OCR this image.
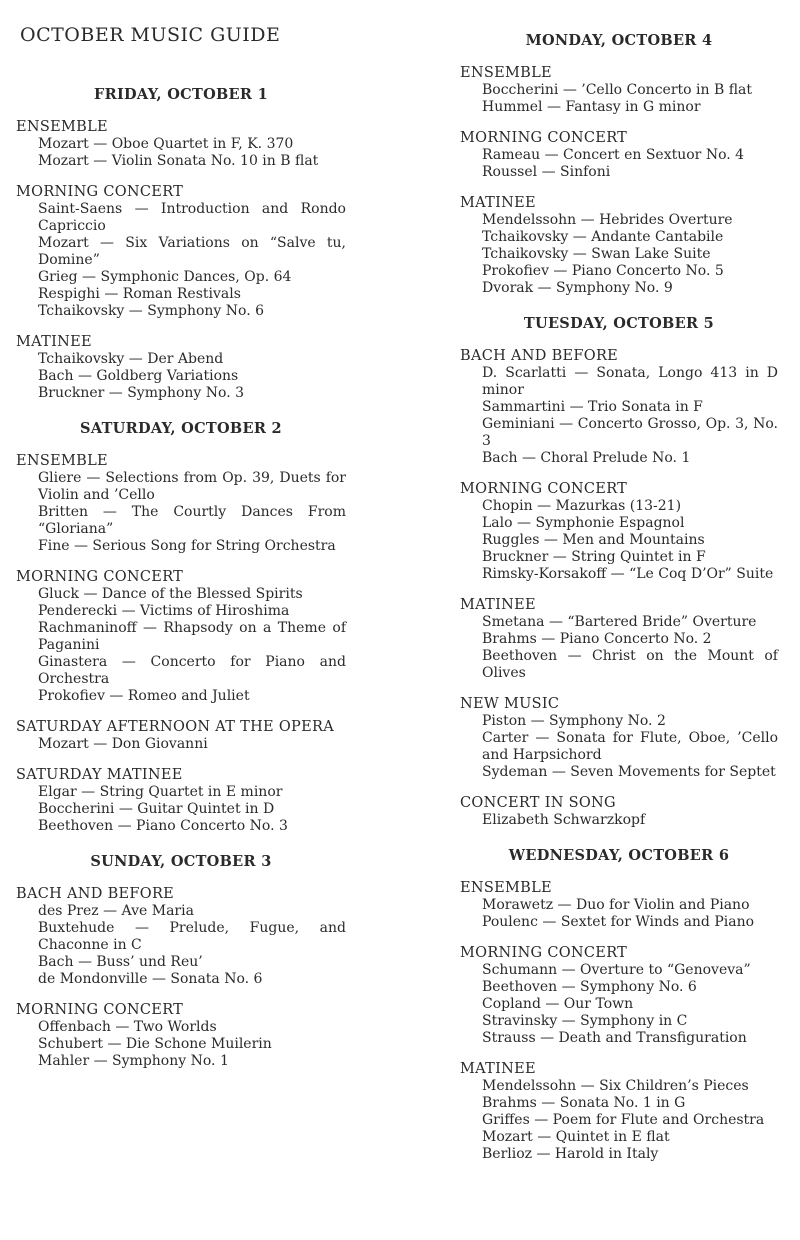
OCTOBER MUSIC GUIDE
FRIDAY, OCTOBER 1
ENSEMBLE
Mozart — Oboe Quartet in F, K. 370
Mozart — Violin Sonata No. 10 in B flat
MORNING CONCERT
Saint-Saens — Introduction and Rondo Capriccio
Mozart — Six Variations on “Salve tu, Domine”
Grieg — Symphonic Dances, Op. 64
Respighi — Roman Restivals
Tchaikovsky — Symphony No. 6
MATINEE
Tchaikovsky — Der Abend
Bach — Goldberg Variations
Bruckner — Symphony No. 3
SATURDAY, OCTOBER 2
ENSEMBLE
Gliere — Selections from Op. 39, Duets for Violin and ’Cello
Britten — The Courtly Dances From “Gloriana”
Fine — Serious Song for String Orchestra
MORNING CONCERT
Gluck — Dance of the Blessed Spirits
Penderecki — Victims of Hiroshima
Rachmaninoff — Rhapsody on a Theme of Paganini
Ginastera — Concerto for Piano and Orchestra
Prokofiev — Romeo and Juliet
SATURDAY AFTERNOON AT THE OPERA
Mozart — Don Giovanni
SATURDAY MATINEE
Elgar — String Quartet in E minor
Boccherini — Guitar Quintet in D
Beethoven — Piano Concerto No. 3
SUNDAY, OCTOBER 3
BACH AND BEFORE
des Prez — Ave Maria
Buxtehude — Prelude, Fugue, and Chaconne in C
Bach — Buss’ und Reu’
de Mondonville — Sonata No. 6
MORNING CONCERT
Offenbach — Two Worlds
Schubert — Die Schone Muilerin
Mahler — Symphony No. 1
MONDAY, OCTOBER 4
ENSEMBLE
Boccherini — ’Cello Concerto in B flat
Hummel — Fantasy in G minor
MORNING CONCERT
Rameau — Concert en Sextuor No. 4
Roussel — Sinfoni
MATINEE
Mendelssohn — Hebrides Overture
Tchaikovsky — Andante Cantabile
Tchaikovsky — Swan Lake Suite
Prokofiev — Piano Concerto No. 5
Dvorak — Symphony No. 9
TUESDAY, OCTOBER 5
BACH AND BEFORE
D. Scarlatti — Sonata, Longo 413 in D minor
Sammartini — Trio Sonata in F
Geminiani — Concerto Grosso, Op. 3, No. 3
Bach — Choral Prelude No. 1
MORNING CONCERT
Chopin — Mazurkas (13-21)
Lalo — Symphonie Espagnol
Ruggles — Men and Mountains
Bruckner — String Quintet in F
Rimsky-Korsakoff — “Le Coq D’Or” Suite
MATINEE
Smetana — “Bartered Bride” Overture
Brahms — Piano Concerto No. 2
Beethoven — Christ on the Mount of Olives
NEW MUSIC
Piston — Symphony No. 2
Carter — Sonata for Flute, Oboe, ’Cello and Harpsichord
Sydeman — Seven Movements for Septet
CONCERT IN SONG
Elizabeth Schwarzkopf
WEDNESDAY, OCTOBER 6
ENSEMBLE
Morawetz — Duo for Violin and Piano
Poulenc — Sextet for Winds and Piano
MORNING CONCERT
Schumann — Overture to “Genoveva”
Beethoven — Symphony No. 6
Copland — Our Town
Stravinsky — Symphony in C
Strauss — Death and Transfiguration
MATINEE
Mendelssohn — Six Children’s Pieces
Brahms — Sonata No. 1 in G
Griffes — Poem for Flute and Orchestra
Mozart — Quintet in E flat
Berlioz — Harold in Italy
